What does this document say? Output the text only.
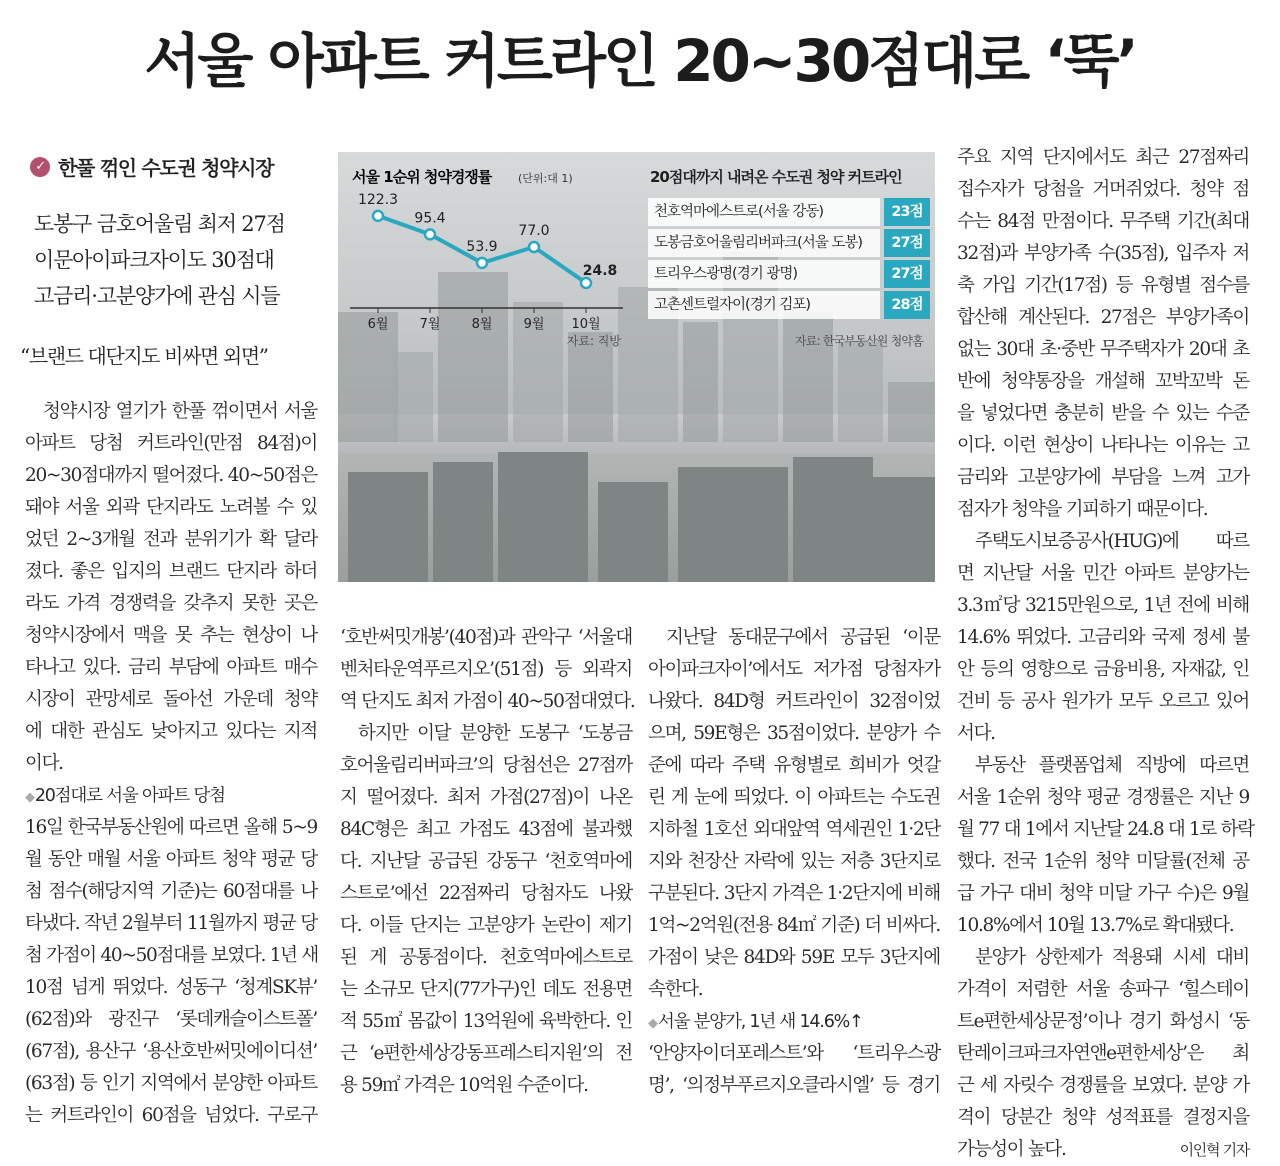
서울 아파트 커트라인 20~30점대로 ‘뚝’
✓ 한풀 꺾인 수도권 청약시장
도봉구 금호어울림 최저 27점
이문아이파크자이도 30점대
고금리·고분양가에 관심 시들
“브랜드 대단지도 비싸면 외면”
서울 1순위 청약경쟁률 (단위:대 1)
자료: 직방
122.3
6월
95.4
7월
53.9
8월
77.0
9월
24.8
10월
20점대까지 내려온 수도권 청약 커트라인
천호역마에스트로(서울 강동)	23점
도봉금호어울림리버파크(서울 도봉)	27점
트리우스광명(경기 광명)	27점
고촌센트럴자이(경기 김포)	28점
자료: 한국부동산원 청약홈
청약시장 열기가 한풀 꺾이면서 서울
아파트 당첨 커트라인(만점 84점)이
20~30점대까지 떨어졌다. 40~50점은
돼야 서울 외곽 단지라도 노려볼 수 있
었던 2~3개월 전과 분위기가 확 달라
졌다. 좋은 입지의 브랜드 단지라 하더
라도 가격 경쟁력을 갖추지 못한 곳은
청약시장에서 맥을 못 추는 현상이 나
타나고 있다. 금리 부담에 아파트 매수
시장이 관망세로 돌아선 가운데 청약
에 대한 관심도 낮아지고 있다는 지적
이다.
◆20점대로 서울 아파트 당첨
16일 한국부동산원에 따르면 올해 5~9
월 동안 매월 서울 아파트 청약 평균 당
첨 점수(해당지역 기준)는 60점대를 나
타냈다. 작년 2월부터 11월까지 평균 당
첨 가점이 40~50점대를 보였다. 1년 새
10점 넘게 뛰었다. 성동구 ‘청계SK뷰’
(62점)와 광진구 ‘롯데캐슬이스트폴’
(67점), 용산구 ‘용산호반써밋에이디션’
(63점) 등 인기 지역에서 분양한 아파트
는 커트라인이 60점을 넘었다. 구로구
‘호반써밋개봉’(40점)과 관악구 ‘서울대
벤처타운역푸르지오’(51점) 등 외곽지
역 단지도 최저 가점이 40~50점대였다.
하지만 이달 분양한 도봉구 ‘도봉금
호어울림리버파크’의 당첨선은 27점까
지 떨어졌다. 최저 가점(27점)이 나온
84C형은 최고 가점도 43점에 불과했
다. 지난달 공급된 강동구 ‘천호역마에
스트로’에선 22점짜리 당첨자도 나왔
다. 이들 단지는 고분양가 논란이 제기
된 게 공통점이다. 천호역마에스트로
는 소규모 단지(77가구)인 데도 전용면
적 55㎡ 몸값이 13억원에 육박한다. 인
근 ‘e편한세상강동프레스티지원’의 전
용 59㎡ 가격은 10억원 수준이다.
지난달 동대문구에서 공급된 ‘이문
아이파크자이’에서도 저가점 당첨자가
나왔다. 84D형 커트라인이 32점이었
으며, 59E형은 35점이었다. 분양가 수
준에 따라 주택 유형별로 희비가 엇갈
린 게 눈에 띄었다. 이 아파트는 수도권
지하철 1호선 외대앞역 역세권인 1·2단
지와 천장산 자락에 있는 저층 3단지로
구분된다. 3단지 가격은 1·2단지에 비해
1억~2억원(전용 84㎡ 기준) 더 비싸다.
가점이 낮은 84D와 59E 모두 3단지에
속한다.
◆서울 분양가, 1년 새 14.6%↑
‘안양자이더포레스트’와 ‘트리우스광
명’, ‘의정부푸르지오클라시엘’ 등 경기
주요 지역 단지에서도 최근 27점짜리
접수자가 당첨을 거머쥐었다. 청약 점
수는 84점 만점이다. 무주택 기간(최대
32점)과 부양가족 수(35점), 입주자 저
축 가입 기간(17점) 등 유형별 점수를
합산해 계산된다. 27점은 부양가족이
없는 30대 초·중반 무주택자가 20대 초
반에 청약통장을 개설해 꼬박꼬박 돈
을 넣었다면 충분히 받을 수 있는 수준
이다. 이런 현상이 나타나는 이유는 고
금리와 고분양가에 부담을 느껴 고가
점자가 청약을 기피하기 때문이다.
주택도시보증공사(HUG)에 따르
면 지난달 서울 민간 아파트 분양가는
3.3㎡당 3215만원으로, 1년 전에 비해
14.6% 뛰었다. 고금리와 국제 정세 불
안 등의 영향으로 금융비용, 자재값, 인
건비 등 공사 원가가 모두 오르고 있어
서다.
부동산 플랫폼업체 직방에 따르면
서울 1순위 청약 평균 경쟁률은 지난 9
월 77 대 1에서 지난달 24.8 대 1로 하락
했다. 전국 1순위 청약 미달률(전체 공
급 가구 대비 청약 미달 가구 수)은 9월
10.8%에서 10월 13.7%로 확대됐다.
분양가 상한제가 적용돼 시세 대비
가격이 저렴한 서울 송파구 ‘힐스테이
트e편한세상문정’이나 경기 화성시 ‘동
탄레이크파크자연앤e편한세상’은 최
근 세 자릿수 경쟁률을 보였다. 분양 가
격이 당분간 청약 성적표를 결정지을
가능성이 높다.	이인혁 기자
